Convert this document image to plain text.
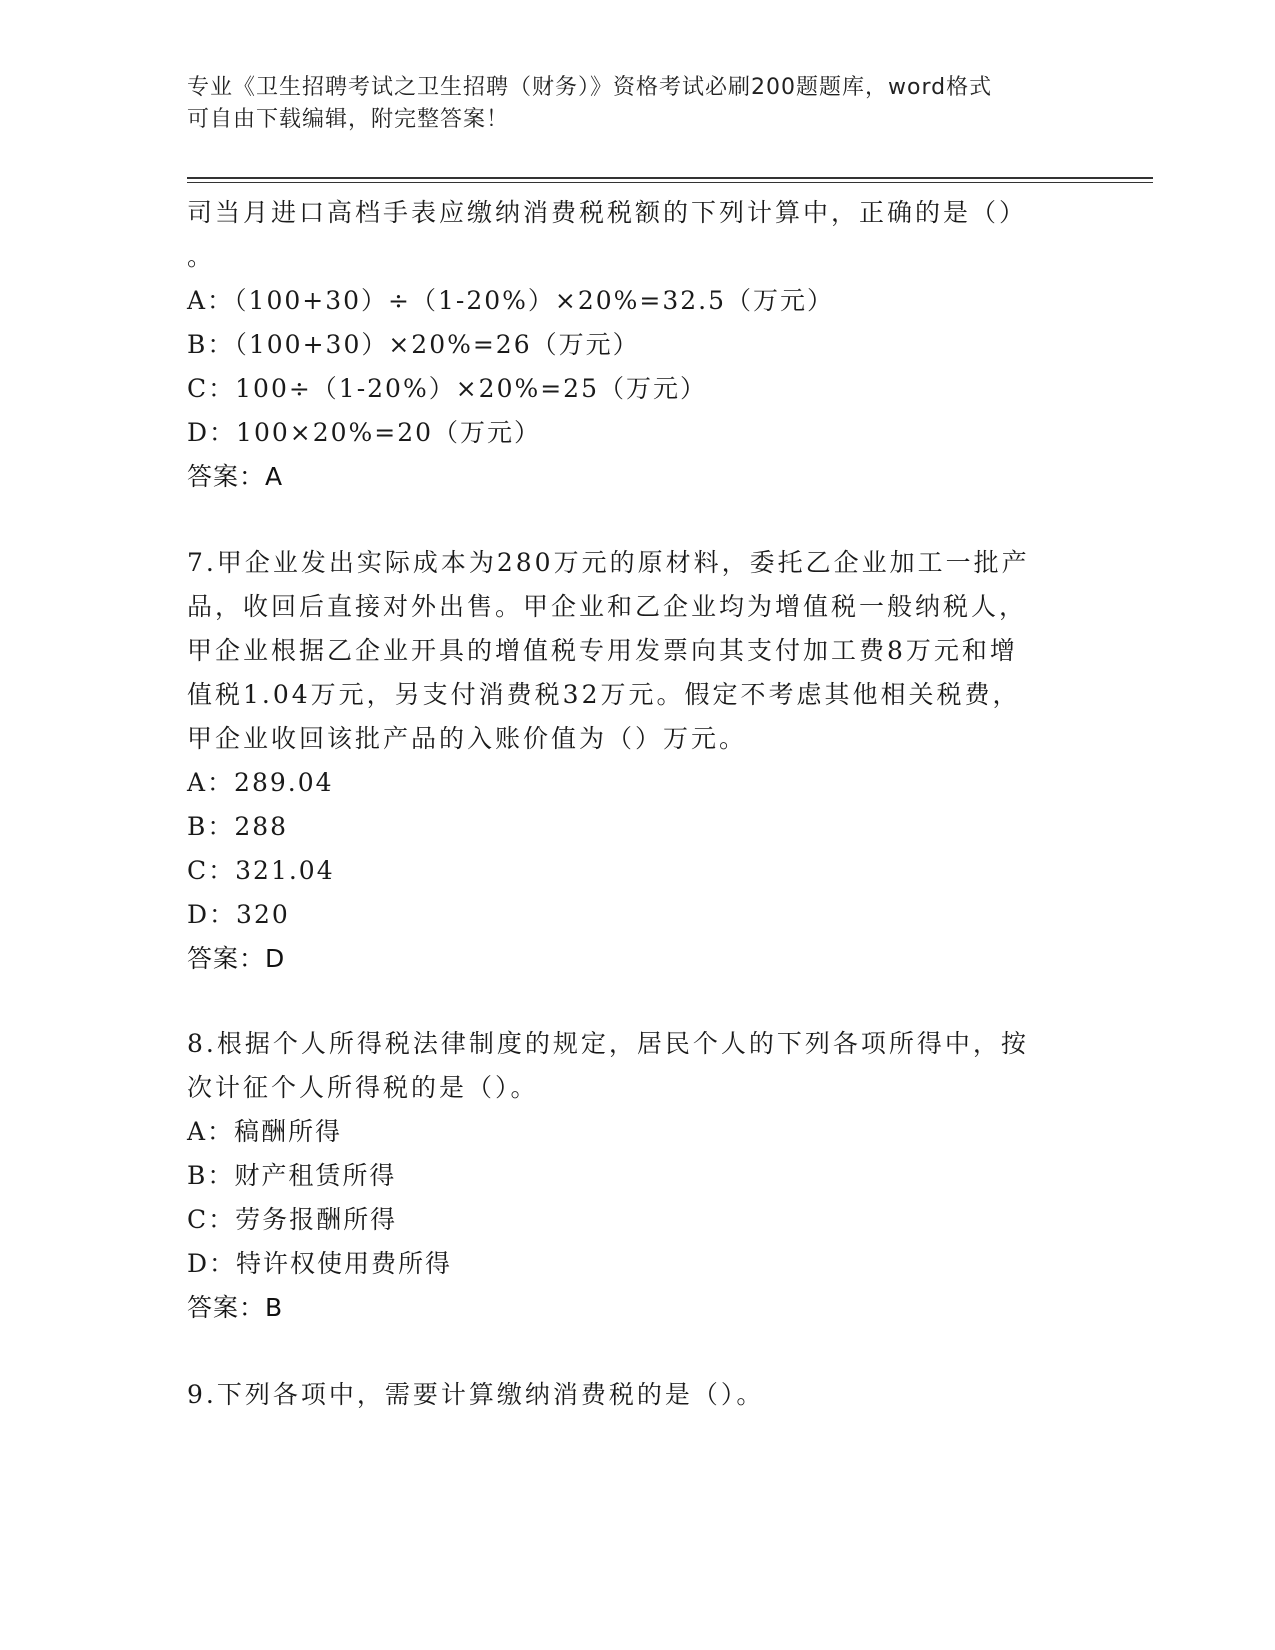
专业《卫生招聘考试之卫生招聘（财务）》资格考试必刷200题题库，word格式
可自由下载编辑，附完整答案！
司当月进口高档手表应缴纳消费税税额的下列计算中，正确的是（）
。
A：（100+30）÷（1-20%）×20%=32.5（万元）
B：（100+30）×20%=26（万元）
C：100÷（1-20%）×20%=25（万元）
D：100×20%=20（万元）
答案：A
7.甲企业发出实际成本为280万元的原材料，委托乙企业加工一批产
品，收回后直接对外出售。甲企业和乙企业均为增值税一般纳税人，
甲企业根据乙企业开具的增值税专用发票向其支付加工费8万元和增
值税1.04万元，另支付消费税32万元。假定不考虑其他相关税费，
甲企业收回该批产品的入账价值为（）万元。
A：289.04
B：288
C：321.04
D：320
答案：D
8.根据个人所得税法律制度的规定，居民个人的下列各项所得中，按
次计征个人所得税的是（）。
A：稿酬所得
B：财产租赁所得
C：劳务报酬所得
D：特许权使用费所得
答案：B
9.下列各项中，需要计算缴纳消费税的是（）。
